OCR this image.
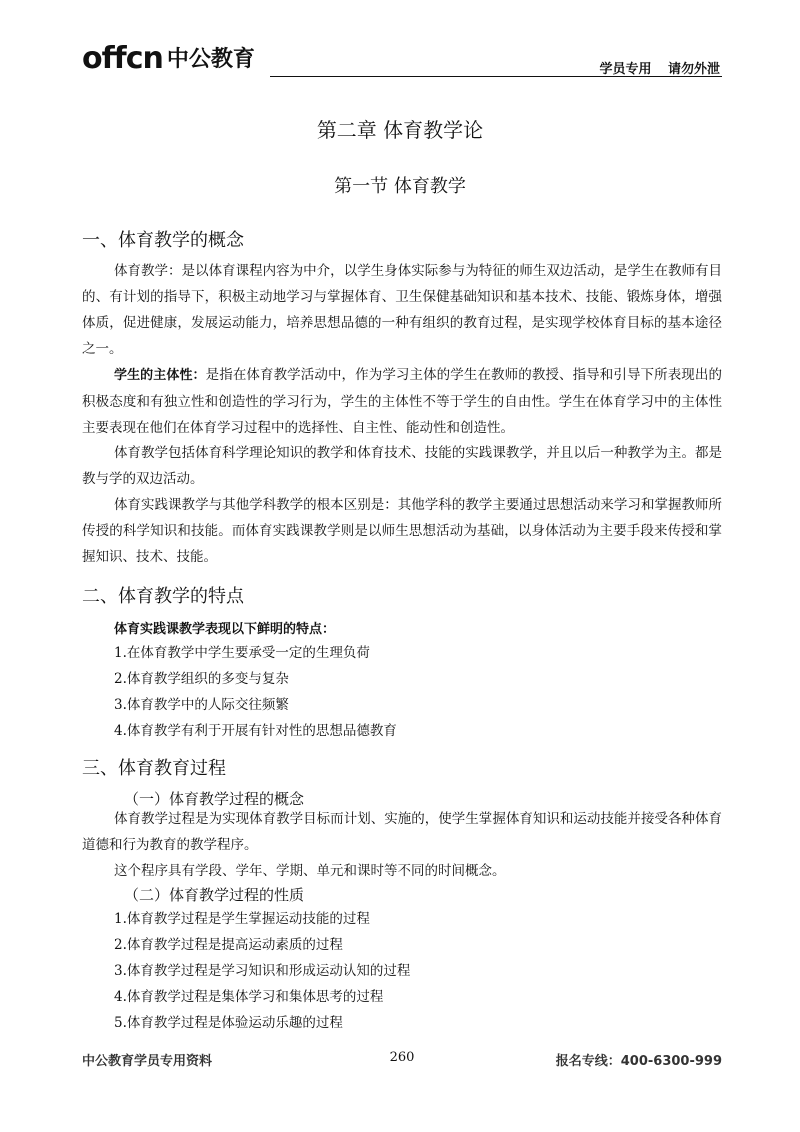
offcn 中公教育	学员专用 请勿外泄
第二章 体育教学论
第一节 体育教学
一、体育教学的概念

体育教学：是以体育课程内容为中介，以学生身体实际参与为特征的师生双边活动，是学生在教师有目的、有计划的指导下，积极主动地学习与掌握体育、卫生保健基础知识和基本技术、技能、锻炼身体，增强体质，促进健康，发展运动能力，培养思想品德的一种有组织的教育过程，是实现学校体育目标的基本途径之一。

学生的主体性：是指在体育教学活动中，作为学习主体的学生在教师的教授、指导和引导下所表现出的积极态度和有独立性和创造性的学习行为，学生的主体性不等于学生的自由性。学生在体育学习中的主体性主要表现在他们在体育学习过程中的选择性、自主性、能动性和创造性。

体育教学包括体育科学理论知识的教学和体育技术、技能的实践课教学，并且以后一种教学为主。都是教与学的双边活动。

体育实践课教学与其他学科教学的根本区别是：其他学科的教学主要通过思想活动来学习和掌握教师所传授的科学知识和技能。而体育实践课教学则是以师生思想活动为基础，以身体活动为主要手段来传授和掌握知识、技术、技能。

二、体育教学的特点
体育实践课教学表现以下鲜明的特点：
1.在体育教学中学生要承受一定的生理负荷
2.体育教学组织的多变与复杂
3.体育教学中的人际交往频繁
4.体育教学有利于开展有针对性的思想品德教育
三、体育教育过程
（一）体育教学过程的概念

体育教学过程是为实现体育教学目标而计划、实施的，使学生掌握体育知识和运动技能并接受各种体育道德和行为教育的教学程序。

这个程序具有学段、学年、学期、单元和课时等不同的时间概念。

（二）体育教学过程的性质
1.体育教学过程是学生掌握运动技能的过程
2.体育教学过程是提高运动素质的过程
3.体育教学过程是学习知识和形成运动认知的过程
4.体育教学过程是集体学习和集体思考的过程
5.体育教学过程是体验运动乐趣的过程
中公教育学员专用资料	260	报名专线：400-6300-999
